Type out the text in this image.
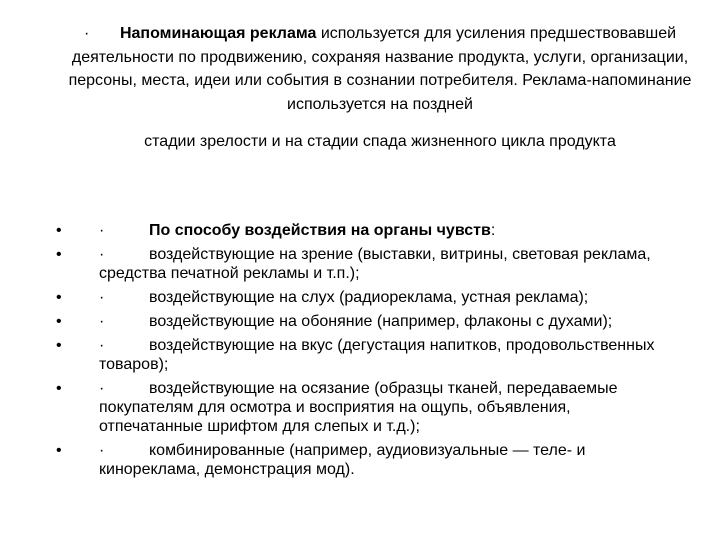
· Напоминающая реклама используется для усиления предшествовавшей деятельности по продвижению, сохраняя название продукта, услуги, организации, персоны, места, идеи или события в сознании потребителя. Реклама-напоминание используется на поздней
стадии зрелости и на стадии спада жизненного цикла продукта
•	·	По способу воздействия на органы чувств:
•	·	воздействующие на зрение (выставки, витрины, световая реклама, средства печатной рекламы и т.п.);
•	·	воздействующие на слух (радиореклама, устная реклама);
•	·	воздействующие на обоняние (например, флаконы с духами);
•	·	воздействующие на вкус (дегустация напитков, продовольственных товаров);
•	·	воздействующие на осязание (образцы тканей, передаваемые покупателям для осмотра и восприятия на ощупь, объявления, отпечатанные шрифтом для слепых и т.д.);
•	·	комбинированные (например, аудиовизуальные — теле- и кинореклама, демонстрация мод).
